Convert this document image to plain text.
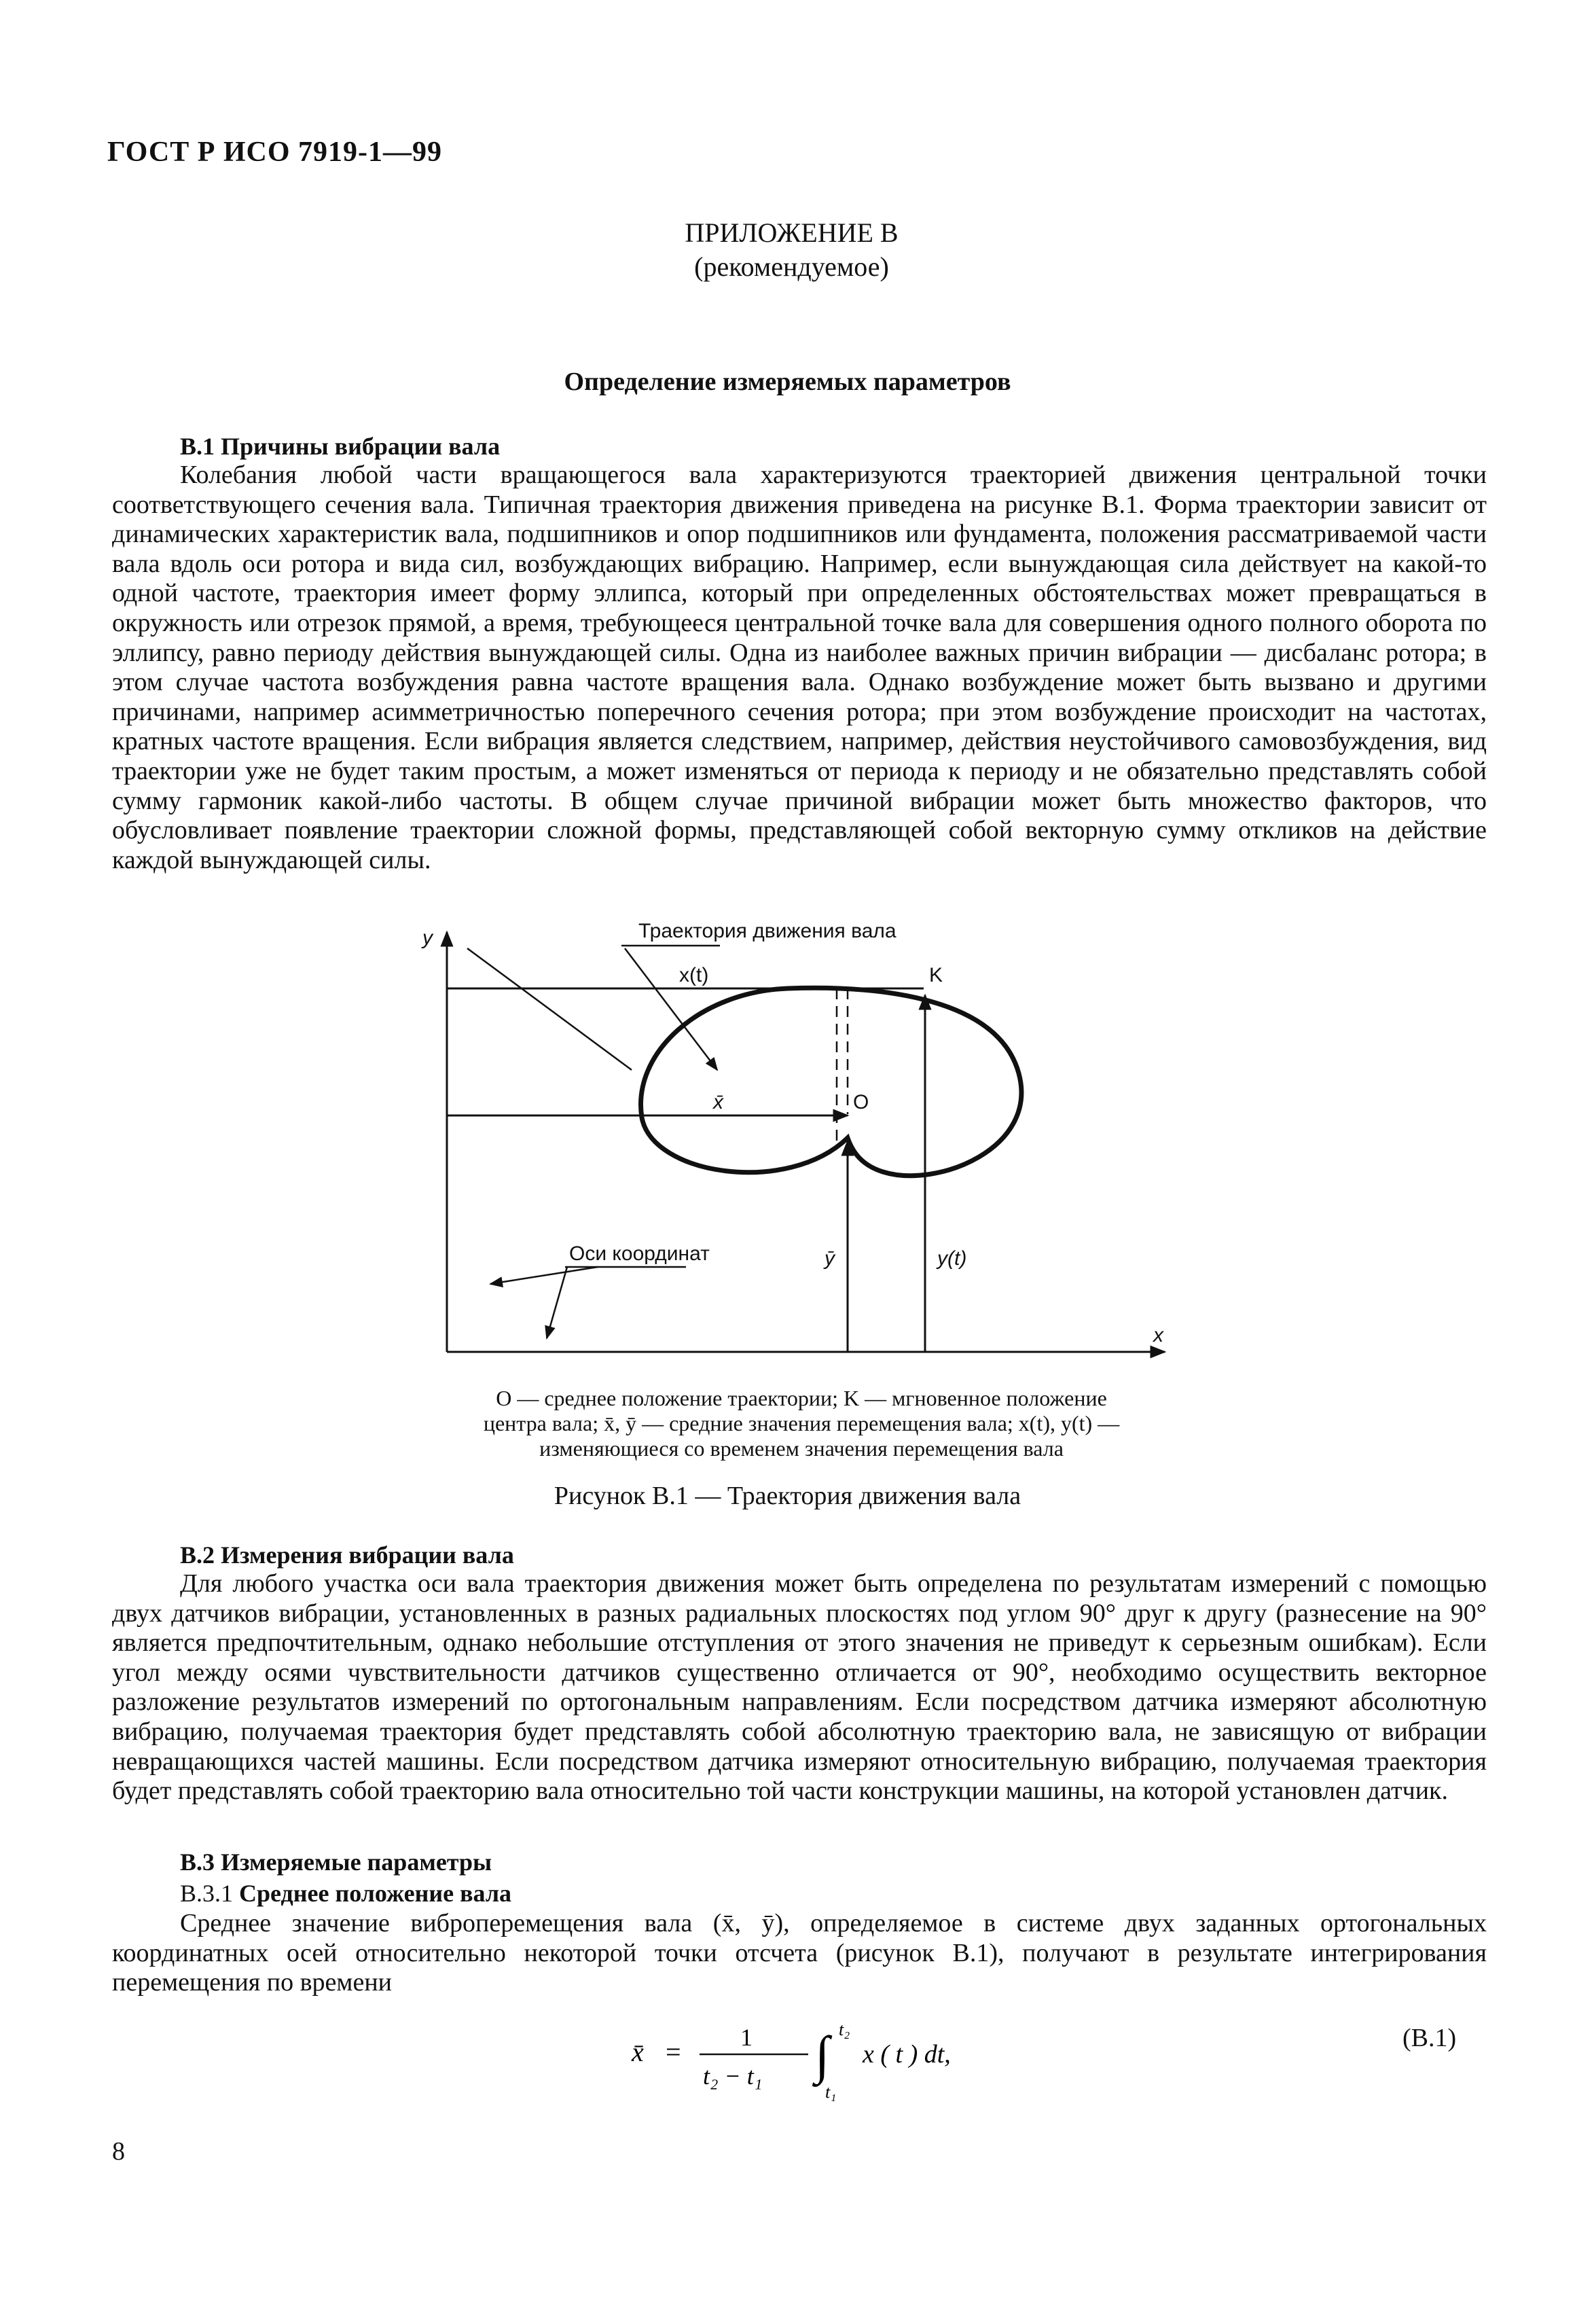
ГОСТ Р ИСО 7919-1—99
ПРИЛОЖЕНИЕ В
(рекомендуемое)
Определение измеряемых параметров
В.1 Причины вибрации вала

Колебания любой части вращающегося вала характеризуются траекторией движения центральной точки соответствующего сечения вала. Типичная траектория движения приведена на рисунке В.1. Форма траектории зависит от динамических характеристик вала, подшипников и опор подшипников или фундамента, положения рассматриваемой части вала вдоль оси ротора и вида сил, возбуждающих вибрацию. Например, если вынуждающая сила действует на какой-то одной частоте, траектория имеет форму эллипса, который при определенных обстоятельствах может превращаться в окружность или отрезок прямой, а время, требующееся центральной точке вала для совершения одного полного оборота по эллипсу, равно периоду действия вынуждающей силы. Одна из наиболее важных причин вибрации — дисбаланс ротора; в этом случае частота возбуждения равна частоте вращения вала. Однако возбуждение может быть вызвано и другими причинами, например асимметричностью поперечного сечения ротора; при этом возбуждение происходит на частотах, кратных частоте вращения. Если вибрация является следствием, например, действия неустойчивого самовозбуждения, вид траектории уже не будет таким простым, а может изменяться от периода к периоду и не обязательно представлять собой сумму гармоник какой-либо частоты. В общем случае причиной вибрации может быть множество факторов, что обусловливает появление траектории сложной формы, представляющей собой векторную сумму откликов на действие каждой вынуждающей силы.

y
x
Траектория движения вала
x(t)	K
x̄	O
Оси координат	ȳ	y(t)
O — среднее положение траектории; K — мгновенное положение
центра вала; x̄, ȳ — средние значения перемещения вала; x(t), y(t) —
изменяющиеся со временем значения перемещения вала
Рисунок В.1 — Траектория движения вала
В.2 Измерения вибрации вала

Для любого участка оси вала траектория движения может быть определена по результатам измерений с помощью двух датчиков вибрации, установленных в разных радиальных плоскостях под углом 90° друг к другу (разнесение на 90° является предпочтительным, однако небольшие отступления от этого значения не приведут к серьезным ошибкам). Если угол между осями чувствительности датчиков существенно отличается от 90°, необходимо осуществить векторное разложение результатов измерений по ортогональным направлениям. Если посредством датчика измеряют абсолютную вибрацию, получаемая траектория будет представлять собой абсолютную траекторию вала, не зависящую от вибрации невращающихся частей машины. Если посредством датчика измеряют относительную вибрацию, получаемая траектория будет представлять собой траекторию вала относительно той части конструкции машины, на которой установлен датчик.

В.3 Измеряемые параметры
В.3.1 Среднее положение вала

Среднее значение виброперемещения вала (x̄, ȳ), определяемое в системе двух заданных ортогональных координатных осей относительно некоторой точки отсчета (рисунок В.1), получают в результате интегрирования перемещения по времени

x̄ = 1
t₂ − t₁ ∫ t₂
t₁
x ( t ) dt,
(В.1)
8
